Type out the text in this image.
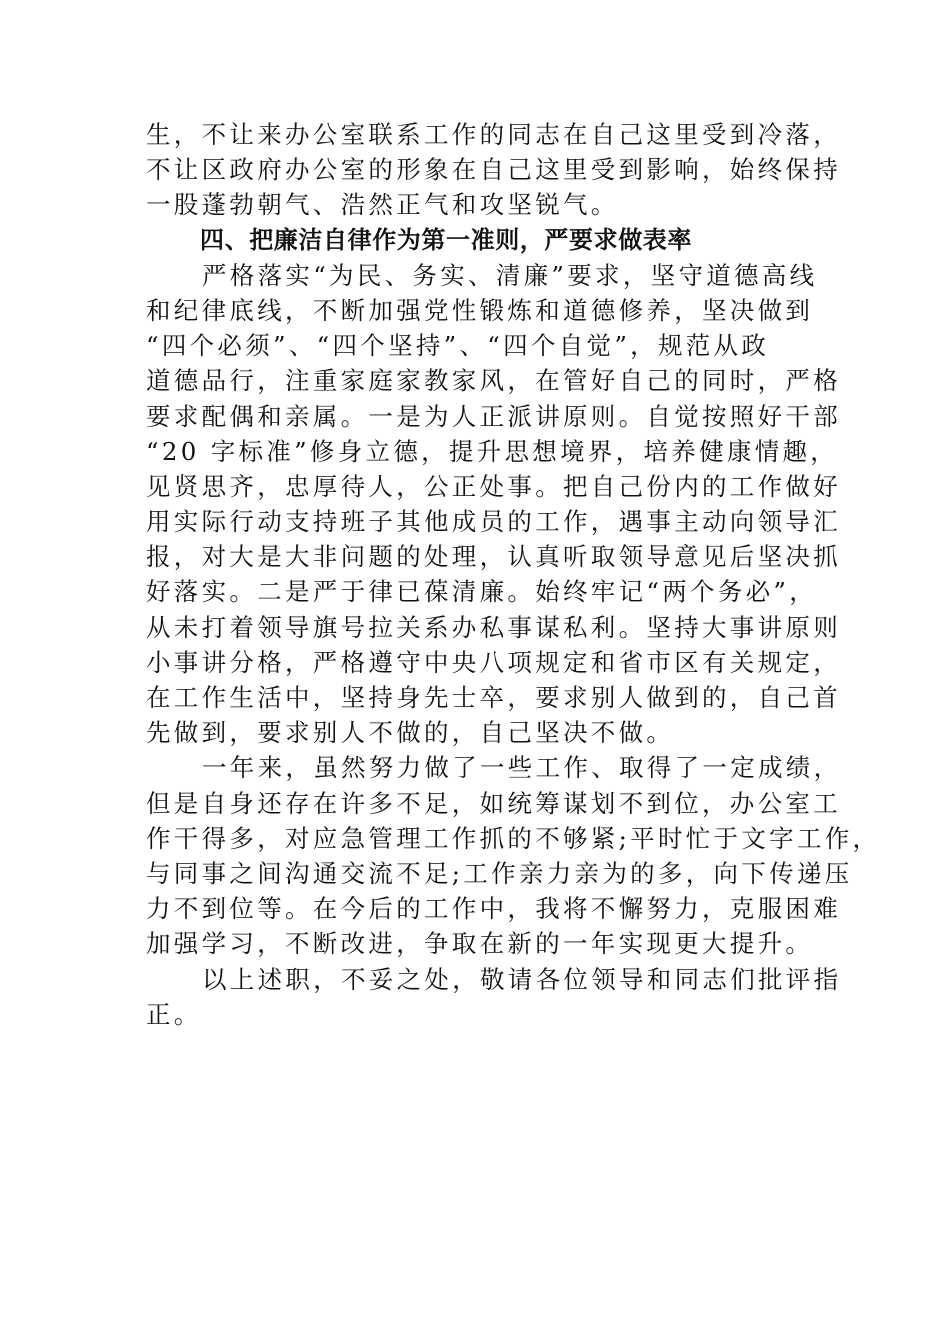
生，不让来办公室联系工作的同志在自己这里受到冷落，
不让区政府办公室的形象在自己这里受到影响，始终保持
一股蓬勃朝气、浩然正气和攻坚锐气。
四、把廉洁自律作为第一准则，严要求做表率
严格落实“为民、务实、清廉”要求，坚守道德高线
和纪律底线，不断加强党性锻炼和道德修养，坚决做到
“四个必须”、“四个坚持”、“四个自觉”，规范从政
道德品行，注重家庭家教家风，在管好自己的同时，严格
要求配偶和亲属。一是为人正派讲原则。自觉按照好干部
“20 字标准”修身立德，提升思想境界，培养健康情趣，
见贤思齐，忠厚待人，公正处事。把自己份内的工作做好
用实际行动支持班子其他成员的工作，遇事主动向领导汇
报，对大是大非问题的处理，认真听取领导意见后坚决抓
好落实。二是严于律已葆清廉。始终牢记“两个务必”，
从未打着领导旗号拉关系办私事谋私利。坚持大事讲原则
小事讲分格，严格遵守中央八项规定和省市区有关规定，
在工作生活中，坚持身先士卒，要求别人做到的，自己首
先做到，要求别人不做的，自己坚决不做。
一年来，虽然努力做了一些工作、取得了一定成绩，
但是自身还存在许多不足，如统筹谋划不到位，办公室工
作干得多，对应急管理工作抓的不够紧;平时忙于文字工作，
与同事之间沟通交流不足;工作亲力亲为的多，向下传递压
力不到位等。在今后的工作中，我将不懈努力，克服困难
加强学习，不断改进，争取在新的一年实现更大提升。
以上述职，不妥之处，敬请各位领导和同志们批评指
正。
